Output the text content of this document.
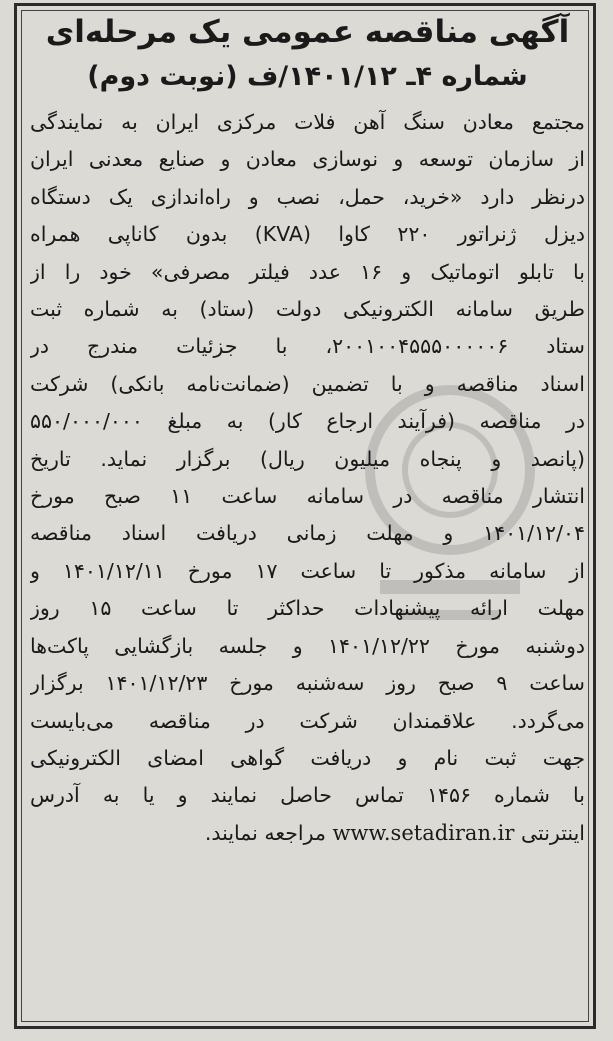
آگهی مناقصه عمومی یک مرحله‌ای
شماره ۴ـ ۱۴۰۱/۱۲/ف (نوبت دوم)
مجتمع معادن سنگ آهن فلات مرکزی ایران به نمایندگی
از سازمان توسعه و نوسازی معادن و صنایع معدنی ایران
درنظر دارد «خرید، حمل، نصب و راه‌اندازی یک دستگاه
دیزل ژنراتور ۲۲۰ کاوا (KVA) بدون کاناپی همراه
با تابلو اتوماتیک و ۱۶ عدد فیلتر مصرفی» خود را از
طریق سامانه الکترونیکی دولت (ستاد) به شماره ثبت
ستاد ۲۰۰۱۰۰۴۵۵۵۰۰۰۰۰۶، با جزئیات مندرج در
اسناد مناقصه و با تضمین (ضمانت‌نامه بانکی) شرکت
در مناقصه (فرآیند ارجاع کار) به مبلغ ۵۵۰/۰۰۰/۰۰۰
(پانصد و پنجاه میلیون ریال) برگزار نماید. تاریخ
انتشار مناقصه در سامانه ساعت ۱۱ صبح مورخ
۱۴۰۱/۱۲/۰۴ و مهلت زمانی دریافت اسناد مناقصه
از سامانه مذکور تا ساعت ۱۷ مورخ ۱۴۰۱/۱۲/۱۱ و
مهلت ارائه پیشنهادات حداکثر تا ساعت ۱۵ روز
دوشنبه مورخ ۱۴۰۱/۱۲/۲۲ و جلسه بازگشایی پاکت‌ها
ساعت ۹ صبح روز سه‌شنبه مورخ ۱۴۰۱/۱۲/۲۳ برگزار
می‌گردد. علاقمندان شرکت در مناقصه می‌بایست
جهت ثبت نام و دریافت گواهی امضای الکترونیکی
با شماره ۱۴۵۶ تماس حاصل نمایند و یا به آدرس
اینترنتی www.setadiran.ir مراجعه نمایند.
